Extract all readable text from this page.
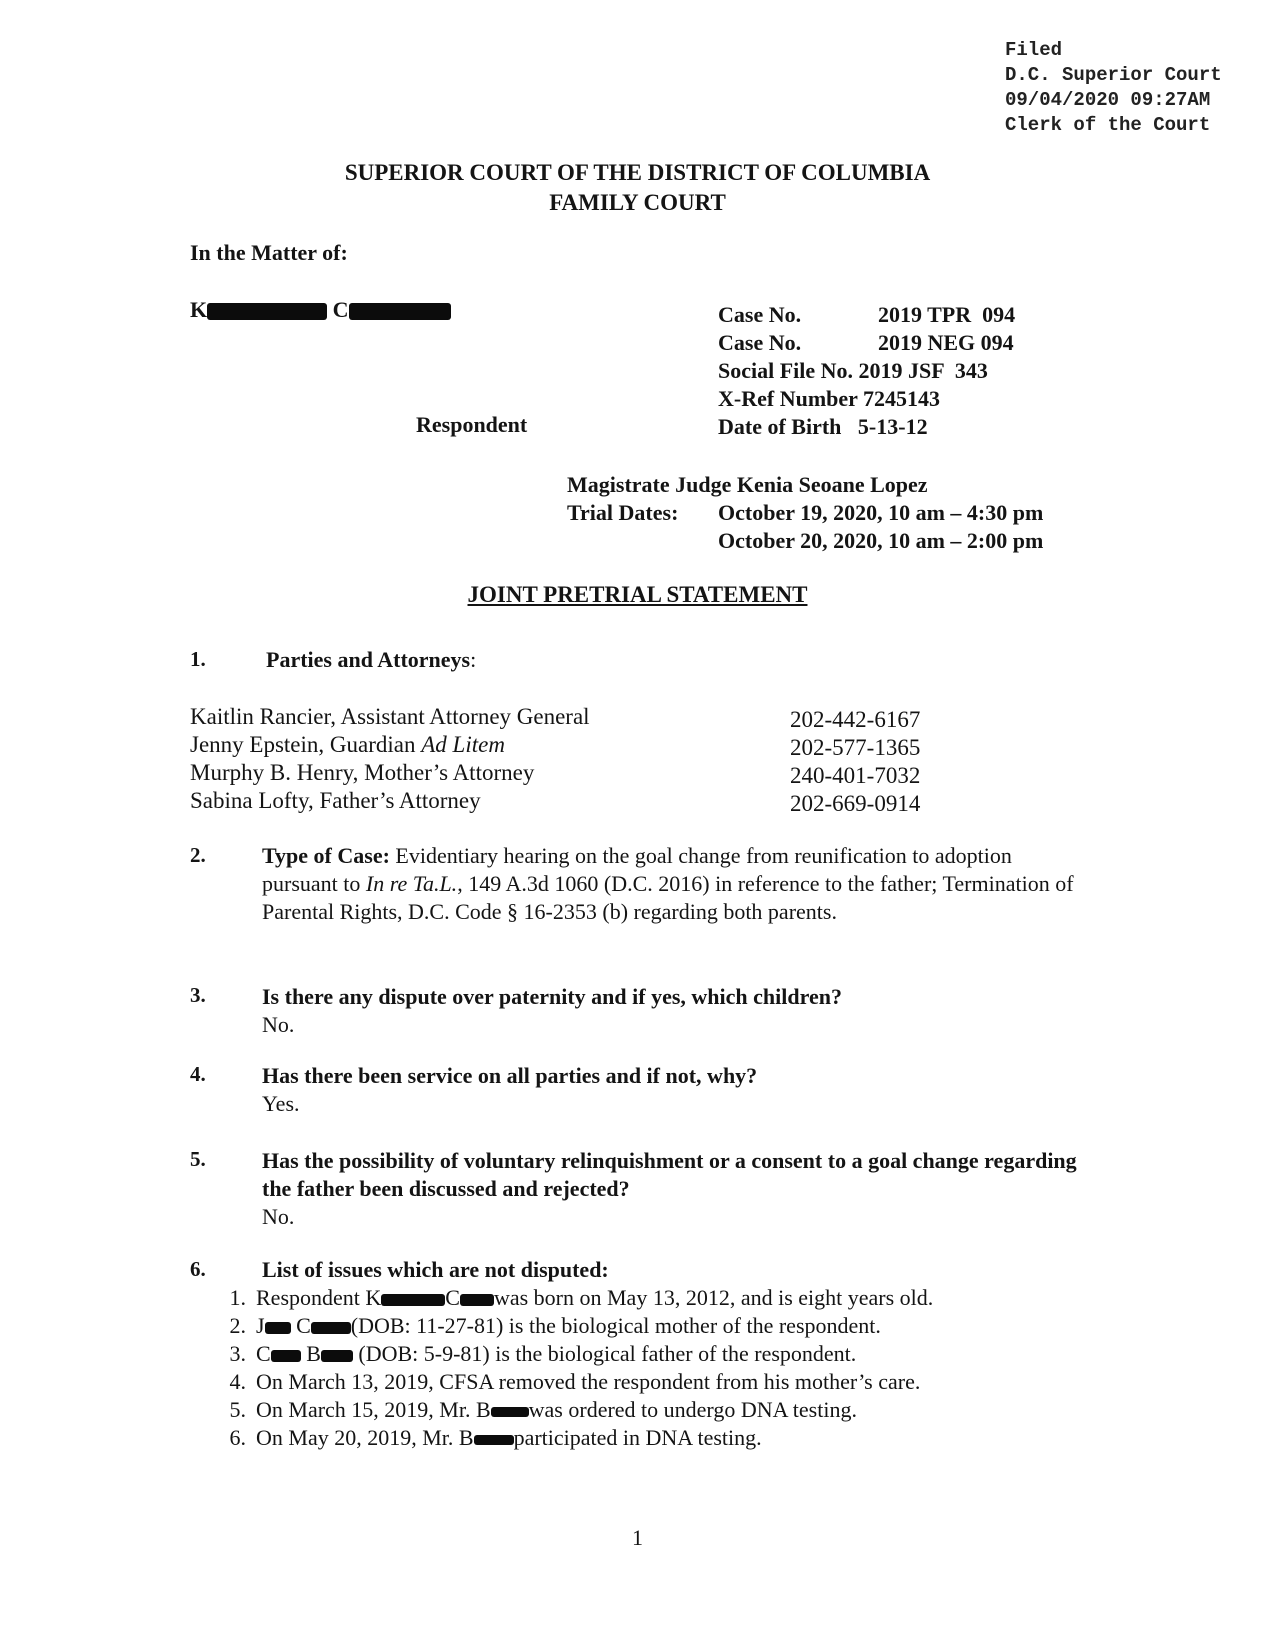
Filed
D.C. Superior Court
09/04/2020 09:27AM
Clerk of the Court
SUPERIOR COURT OF THE DISTRICT OF COLUMBIA
FAMILY COURT
In the Matter of:
K	C
Respondent
Case No.	2019 TPR  094
Case No.	2019 NEG 094
Social File No. 2019 JSF  343
X-Ref Number 7245143
Date of Birth 5-13-12
Magistrate Judge Kenia Seoane Lopez
Trial Dates: October 19, 2020, 10 am – 4:30 pm
October 20, 2020, 10 am – 2:00 pm
JOINT PRETRIAL STATEMENT
1.	Parties and Attorneys:
Kaitlin Rancier, Assistant Attorney General	202-442-6167
Jenny Epstein, Guardian Ad Litem	202-577-1365
Murphy B. Henry, Mother’s Attorney	240-401-7032
Sabina Lofty, Father’s Attorney	202-669-0914
2.	Type of Case: Evidentiary hearing on the goal change from reunification to adoption pursuant to In re Ta.L., 149 A.3d 1060 (D.C. 2016) in reference to the father; Termination of Parental Rights, D.C. Code § 16-2353 (b) regarding both parents.
3.	Is there any dispute over paternity and if yes, which children?
No.
4.	Has there been service on all parties and if not, why?
Yes.
5.	Has the possibility of voluntary relinquishment or a consent to a goal change regarding the father been discussed and rejected?
No.
6.	List of issues which are not disputed:
1. Respondent K	C was born on May 13, 2012, and is eight years old.
2. J C (DOB: 11-27-81) is the biological mother of the respondent.
3. C B (DOB: 5-9-81) is the biological father of the respondent.
4. On March 13, 2019, CFSA removed the respondent from his mother’s care.
5. On March 15, 2019, Mr. B was ordered to undergo DNA testing.
6. On May 20, 2019, Mr. B participated in DNA testing.
1
